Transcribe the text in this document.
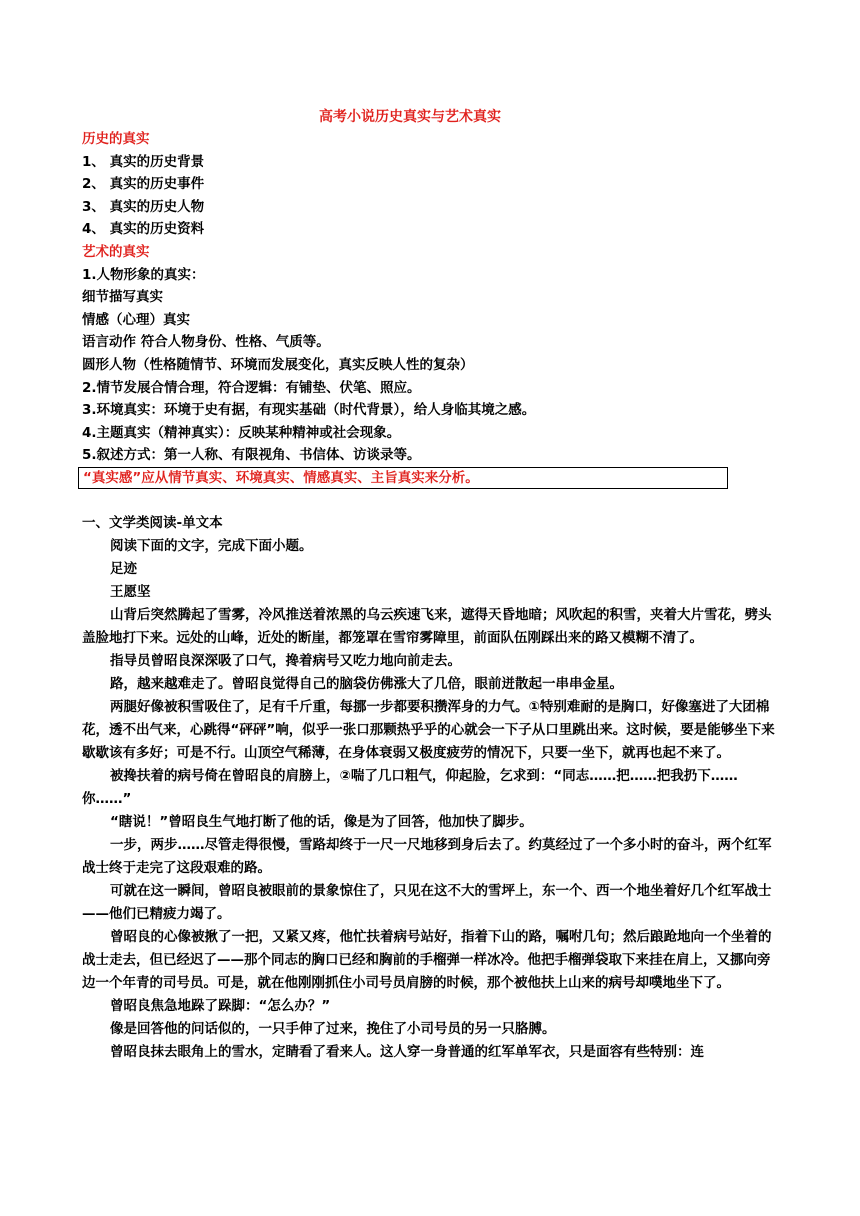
高考小说历史真实与艺术真实
历史的真实
1、 真实的历史背景
2、 真实的历史事件
3、 真实的历史人物
4、 真实的历史资料
艺术的真实
1.人物形象的真实：
细节描写真实
情感（心理）真实
语言动作 符合人物身份、性格、气质等。
圆形人物（性格随情节、环境而发展变化，真实反映人性的复杂）
2.情节发展合情合理，符合逻辑：有铺垫、伏笔、照应。
3.环境真实：环境于史有据，有现实基础（时代背景），给人身临其境之感。
4.主题真实（精神真实）：反映某种精神或社会现象。
5.叙述方式：第一人称、有限视角、书信体、访谈录等。
“真实感”应从情节真实、环境真实、情感真实、主旨真实来分析。

一、文学类阅读-单文本

阅读下面的文字，完成下面小题。

足迹

王愿坚

山背后突然腾起了雪雾，冷风推送着浓黑的乌云疾速飞来，遮得天昏地暗；风吹起的积雪，夹着大片雪花，劈头盖脸地打下来。远处的山峰，近处的断崖，都笼罩在雪帘雾障里，前面队伍刚踩出来的路又模糊不清了。

指导员曾昭良深深吸了口气，搀着病号又吃力地向前走去。

路，越来越难走了。曾昭良觉得自己的脑袋仿佛涨大了几倍，眼前迸散起一串串金星。

两腿好像被积雪吸住了，足有千斤重，每挪一步都要积攒浑身的力气。①特别难耐的是胸口，好像塞进了大团棉花，透不出气来，心跳得“砰砰”响，似乎一张口那颗热乎乎的心就会一下子从口里跳出来。这时候，要是能够坐下来歇歇该有多好；可是不行。山顶空气稀薄，在身体衰弱又极度疲劳的情况下，只要一坐下，就再也起不来了。

被搀扶着的病号倚在曾昭良的肩膀上，②喘了几口粗气，仰起脸，乞求到：“同志……把……把我扔下……你……”

“瞎说！”曾昭良生气地打断了他的话，像是为了回答，他加快了脚步。

一步，两步……尽管走得很慢，雪路却终于一尺一尺地移到身后去了。约莫经过了一个多小时的奋斗，两个红军战士终于走完了这段艰难的路。

可就在这一瞬间，曾昭良被眼前的景象惊住了，只见在这不大的雪坪上，东一个、西一个地坐着好几个红军战士——他们已精疲力竭了。

曾昭良的心像被揪了一把，又紧又疼，他忙扶着病号站好，指着下山的路，嘱咐几句；然后踉跄地向一个坐着的战士走去，但已经迟了——那个同志的胸口已经和胸前的手榴弹一样冰冷。他把手榴弹袋取下来挂在肩上，又挪向旁边一个年青的司号员。可是，就在他刚刚抓住小司号员肩膀的时候，那个被他扶上山来的病号却噗地坐下了。

曾昭良焦急地跺了跺脚：“怎么办？”

像是回答他的问话似的，一只手伸了过来，挽住了小司号员的另一只胳膊。

曾昭良抹去眼角上的雪水，定睛看了看来人。这人穿一身普通的红军单军衣，只是面容有些特别：连
